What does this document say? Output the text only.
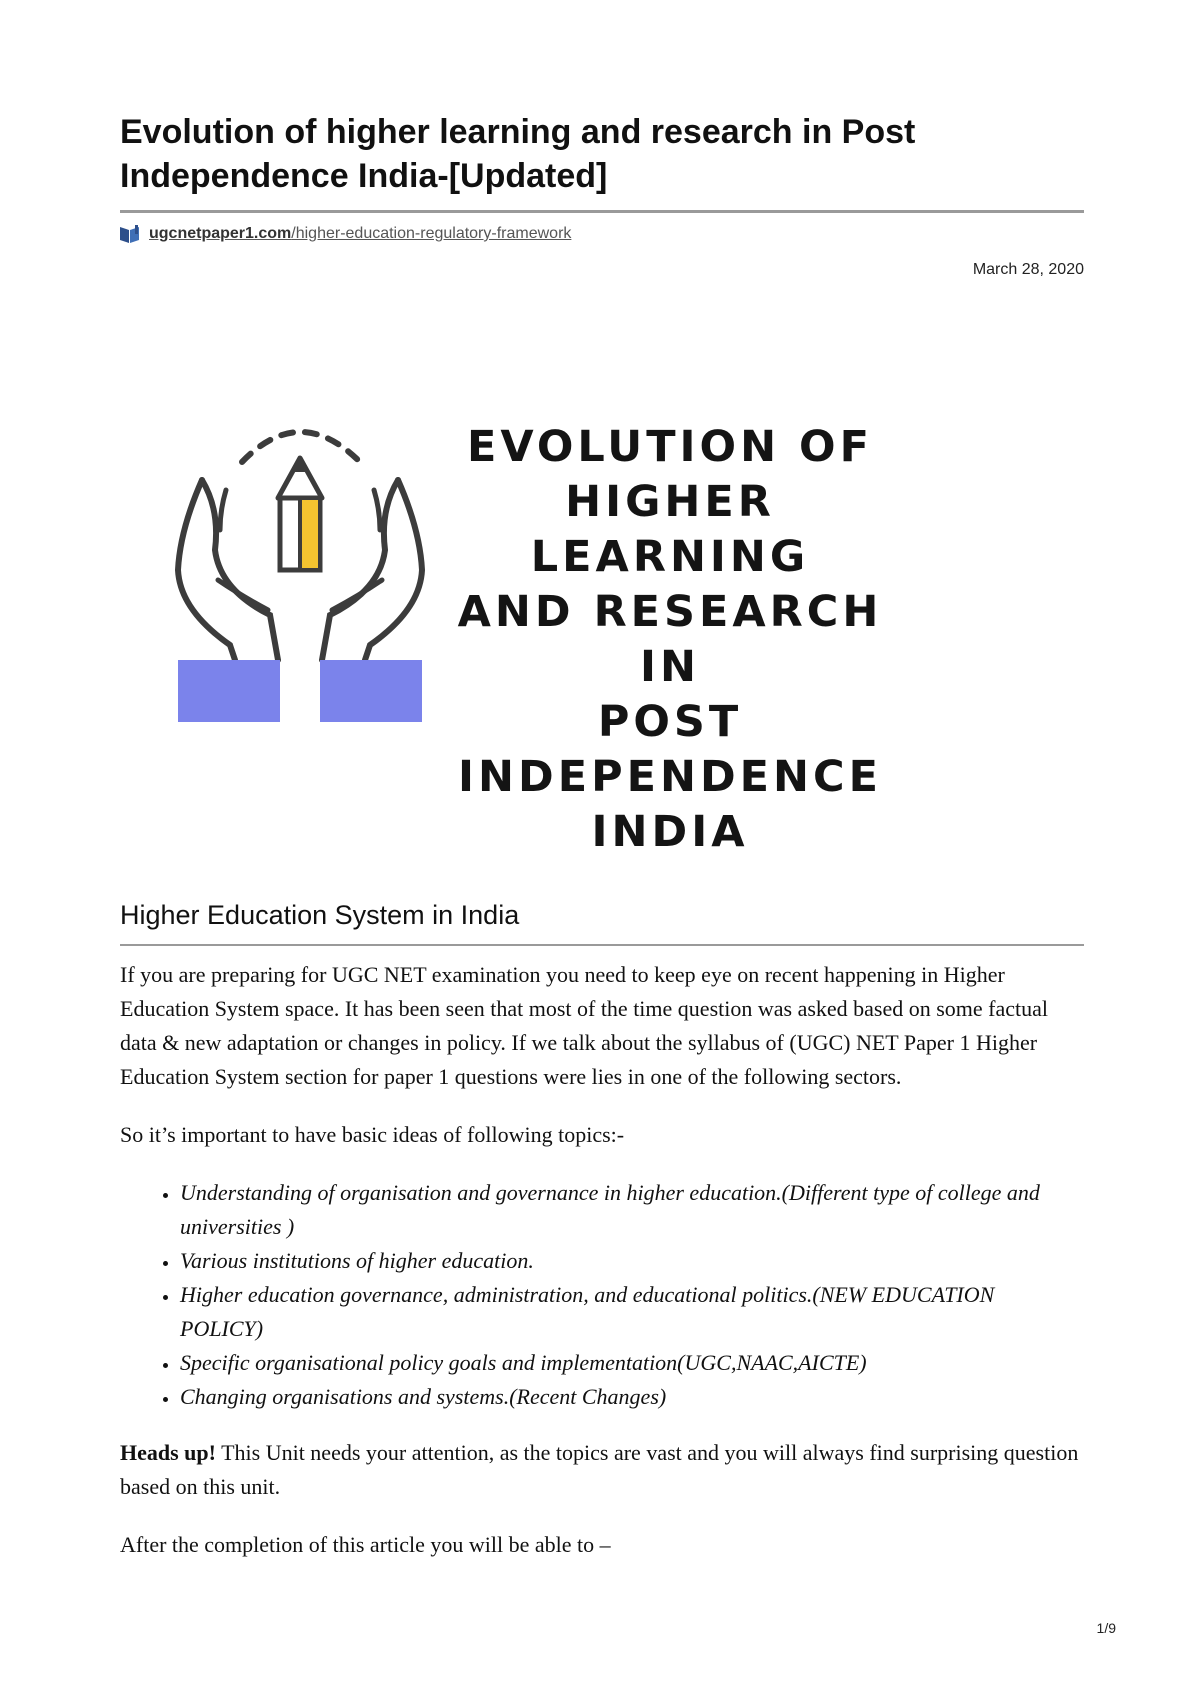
Evolution of higher learning and research in Post Independence India-[Updated]
ugcnetpaper1.com/higher-education-regulatory-framework
March 28, 2020
EVOLUTION OF
HIGHER LEARNING
AND RESEARCH IN
POST
INDEPENDENCE
INDIA
Higher Education System in India

If you are preparing for UGC NET examination you need to keep eye on recent happening in Higher Education System space. It has been seen that most of the time question was asked based on some factual data & new adaptation or changes in policy. If we talk about the syllabus of (UGC) NET Paper 1 Higher Education System section for paper 1 questions were lies in one of the following sectors.

So it’s important to have basic ideas of following topics:-

• Understanding of organisation and governance in higher education.(Different type of college and universities )
• Various institutions of higher education.
• Higher education governance, administration, and educational politics.(NEW EDUCATION POLICY)
• Specific organisational policy goals and implementation(UGC,NAAC,AICTE)
• Changing organisations and systems.(Recent Changes)

Heads up! This Unit needs your attention, as the topics are vast and you will always find surprising question based on this unit.

After the completion of this article you will be able to –

1/9
